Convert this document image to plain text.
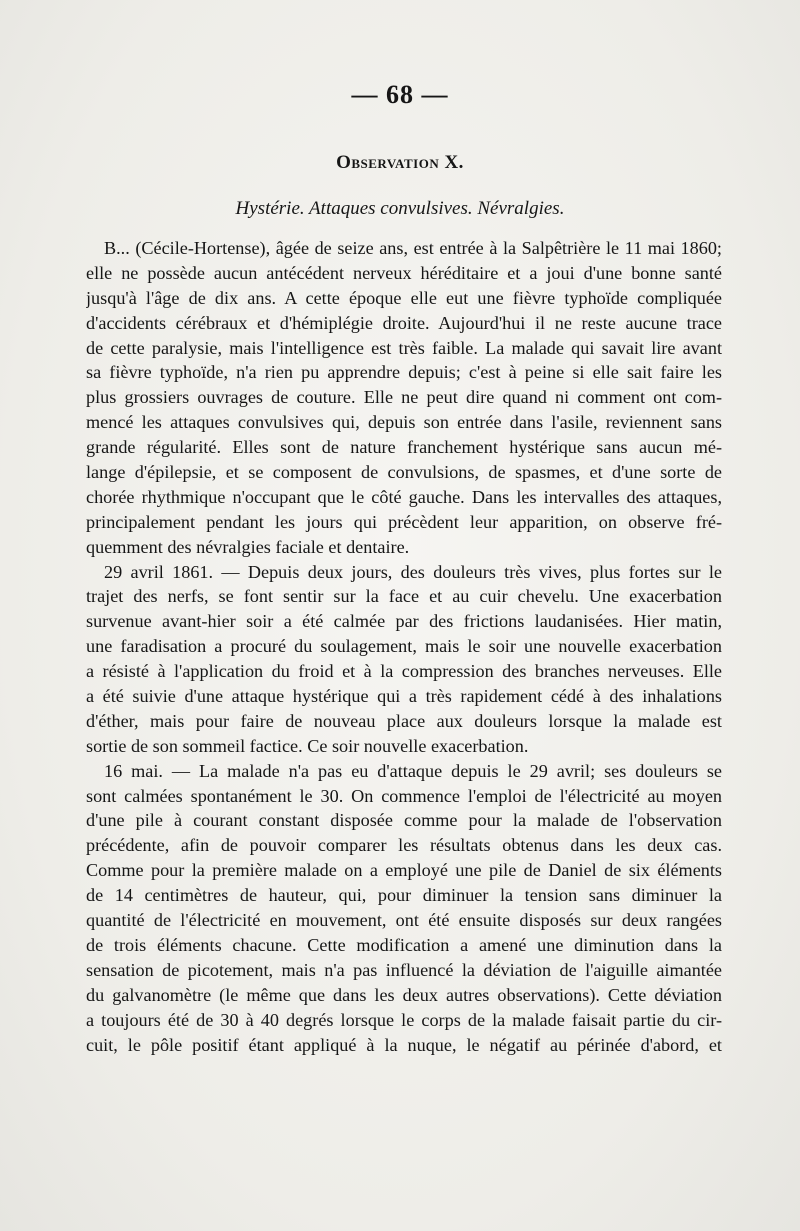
— 68 —
Observation X.
Hystérie. Attaques convulsives. Névralgies.
B... (Cécile-Hortense), âgée de seize ans, est entrée à la Salpêtrière le 11 mai 1860;
elle ne possède aucun antécédent nerveux héréditaire et a joui d'une bonne santé
jusqu'à l'âge de dix ans. A cette époque elle eut une fièvre typhoïde compliquée
d'accidents cérébraux et d'hémiplégie droite. Aujourd'hui il ne reste aucune trace
de cette paralysie, mais l'intelligence est très faible. La malade qui savait lire avant
sa fièvre typhoïde, n'a rien pu apprendre depuis; c'est à peine si elle sait faire les
plus grossiers ouvrages de couture. Elle ne peut dire quand ni comment ont com-
mencé les attaques convulsives qui, depuis son entrée dans l'asile, reviennent sans
grande régularité. Elles sont de nature franchement hystérique sans aucun mé-
lange d'épilepsie, et se composent de convulsions, de spasmes, et d'une sorte de
chorée rhythmique n'occupant que le côté gauche. Dans les intervalles des attaques,
principalement pendant les jours qui précèdent leur apparition, on observe fré-
quemment des névralgies faciale et dentaire.
29 avril 1861. — Depuis deux jours, des douleurs très vives, plus fortes sur le
trajet des nerfs, se font sentir sur la face et au cuir chevelu. Une exacerbation
survenue avant-hier soir a été calmée par des frictions laudanisées. Hier matin,
une faradisation a procuré du soulagement, mais le soir une nouvelle exacerbation
a résisté à l'application du froid et à la compression des branches nerveuses. Elle
a été suivie d'une attaque hystérique qui a très rapidement cédé à des inhalations
d'éther, mais pour faire de nouveau place aux douleurs lorsque la malade est
sortie de son sommeil factice. Ce soir nouvelle exacerbation.
16 mai. — La malade n'a pas eu d'attaque depuis le 29 avril; ses douleurs se
sont calmées spontanément le 30. On commence l'emploi de l'électricité au moyen
d'une pile à courant constant disposée comme pour la malade de l'observation
précédente, afin de pouvoir comparer les résultats obtenus dans les deux cas.
Comme pour la première malade on a employé une pile de Daniel de six éléments
de 14 centimètres de hauteur, qui, pour diminuer la tension sans diminuer la
quantité de l'électricité en mouvement, ont été ensuite disposés sur deux rangées
de trois éléments chacune. Cette modification a amené une diminution dans la
sensation de picotement, mais n'a pas influencé la déviation de l'aiguille aimantée
du galvanomètre (le même que dans les deux autres observations). Cette déviation
a toujours été de 30 à 40 degrés lorsque le corps de la malade faisait partie du cir-
cuit, le pôle positif étant appliqué à la nuque, le négatif au périnée d'abord, et
